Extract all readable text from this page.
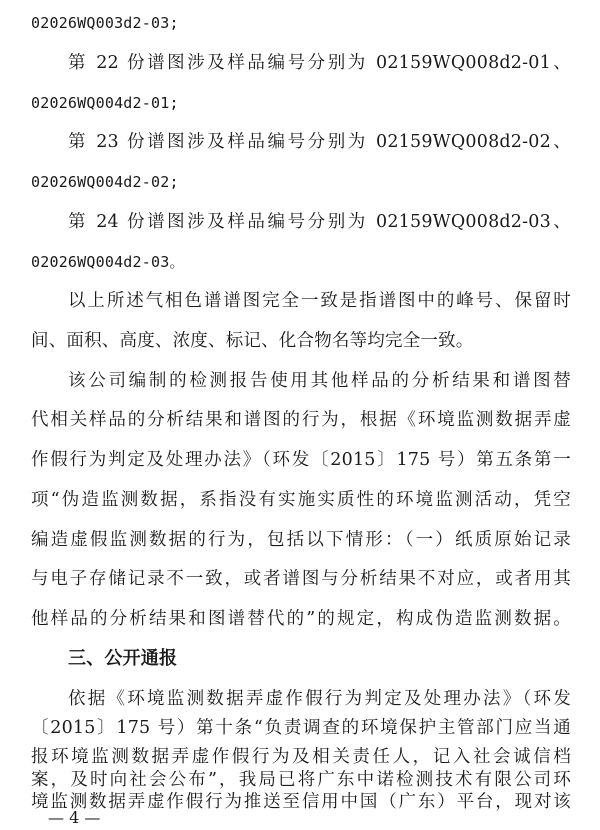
02026WQ003d2-03;
第 22 份谱图涉及样品编号分别为 02159WQ008d2-01、
02026WQ004d2-01;
第 23 份谱图涉及样品编号分别为 02159WQ008d2-02、
02026WQ004d2-02;
第 24 份谱图涉及样品编号分别为 02159WQ008d2-03、
02026WQ004d2-03。
以上所述气相色谱谱图完全一致是指谱图中的峰号、保留时
间、面积、高度、浓度、标记、化合物名等均完全一致。
该公司编制的检测报告使用其他样品的分析结果和谱图替
代相关样品的分析结果和谱图的行为，根据《环境监测数据弄虚
作假行为判定及处理办法》（环发〔2015〕175 号）第五条第一
项“伪造监测数据，系指没有实施实质性的环境监测活动，凭空
编造虚假监测数据的行为，包括以下情形：（一）纸质原始记录
与电子存储记录不一致，或者谱图与分析结果不对应，或者用其
他样品的分析结果和图谱替代的”的规定，构成伪造监测数据。
三、公开通报
依据《环境监测数据弄虚作假行为判定及处理办法》（环发
〔2015〕175 号）第十条“负责调查的环境保护主管部门应当通
报环境监测数据弄虚作假行为及相关责任人，记入社会诚信档
案，及时向社会公布”，我局已将广东中诺检测技术有限公司环
境监测数据弄虚作假行为推送至信用中国（广东）平台，现对该
— 4 —
